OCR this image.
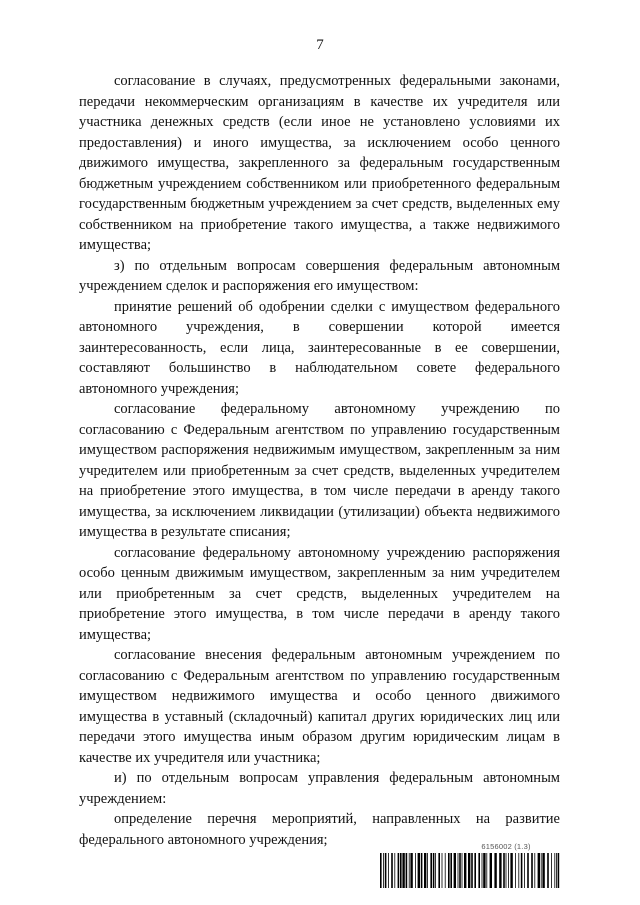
7

согласование в случаях, предусмотренных федеральными законами, передачи некоммерческим организациям в качестве их учредителя или участника денежных средств (если иное не установлено условиями их предоставления) и иного имущества, за исключением особо ценного движимого имущества, закрепленного за федеральным государственным бюджетным учреждением собственником или приобретенного федеральным государственным бюджетным учреждением за счет средств, выделенных ему собственником на приобретение такого имущества, а также недвижимого имущества;

з) по отдельным вопросам совершения федеральным автономным учреждением сделок и распоряжения его имуществом:

принятие решений об одобрении сделки с имуществом федерального автономного учреждения, в совершении которой имеется заинтересованность, если лица, заинтересованные в ее совершении, составляют большинство в наблюдательном совете федерального автономного учреждения;

согласование федеральному автономному учреждению по согласованию с Федеральным агентством по управлению государственным имуществом распоряжения недвижимым имуществом, закрепленным за ним учредителем или приобретенным за счет средств, выделенных учредителем на приобретение этого имущества, в том числе передачи в аренду такого имущества, за исключением ликвидации (утилизации) объекта недвижимого имущества в результате списания;

согласование федеральному автономному учреждению распоряжения особо ценным движимым имуществом, закрепленным за ним учредителем или приобретенным за счет средств, выделенных учредителем на приобретение этого имущества, в том числе передачи в аренду такого имущества;

согласование внесения федеральным автономным учреждением по согласованию с Федеральным агентством по управлению государственным имуществом недвижимого имущества и особо ценного движимого имущества в уставный (складочный) капитал других юридических лиц или передачи этого имущества иным образом другим юридическим лицам в качестве их учредителя или участника;

и) по отдельным вопросам управления федеральным автономным учреждением:

определение перечня мероприятий, направленных на развитие федерального автономного учреждения;	6156002 (1.3)
